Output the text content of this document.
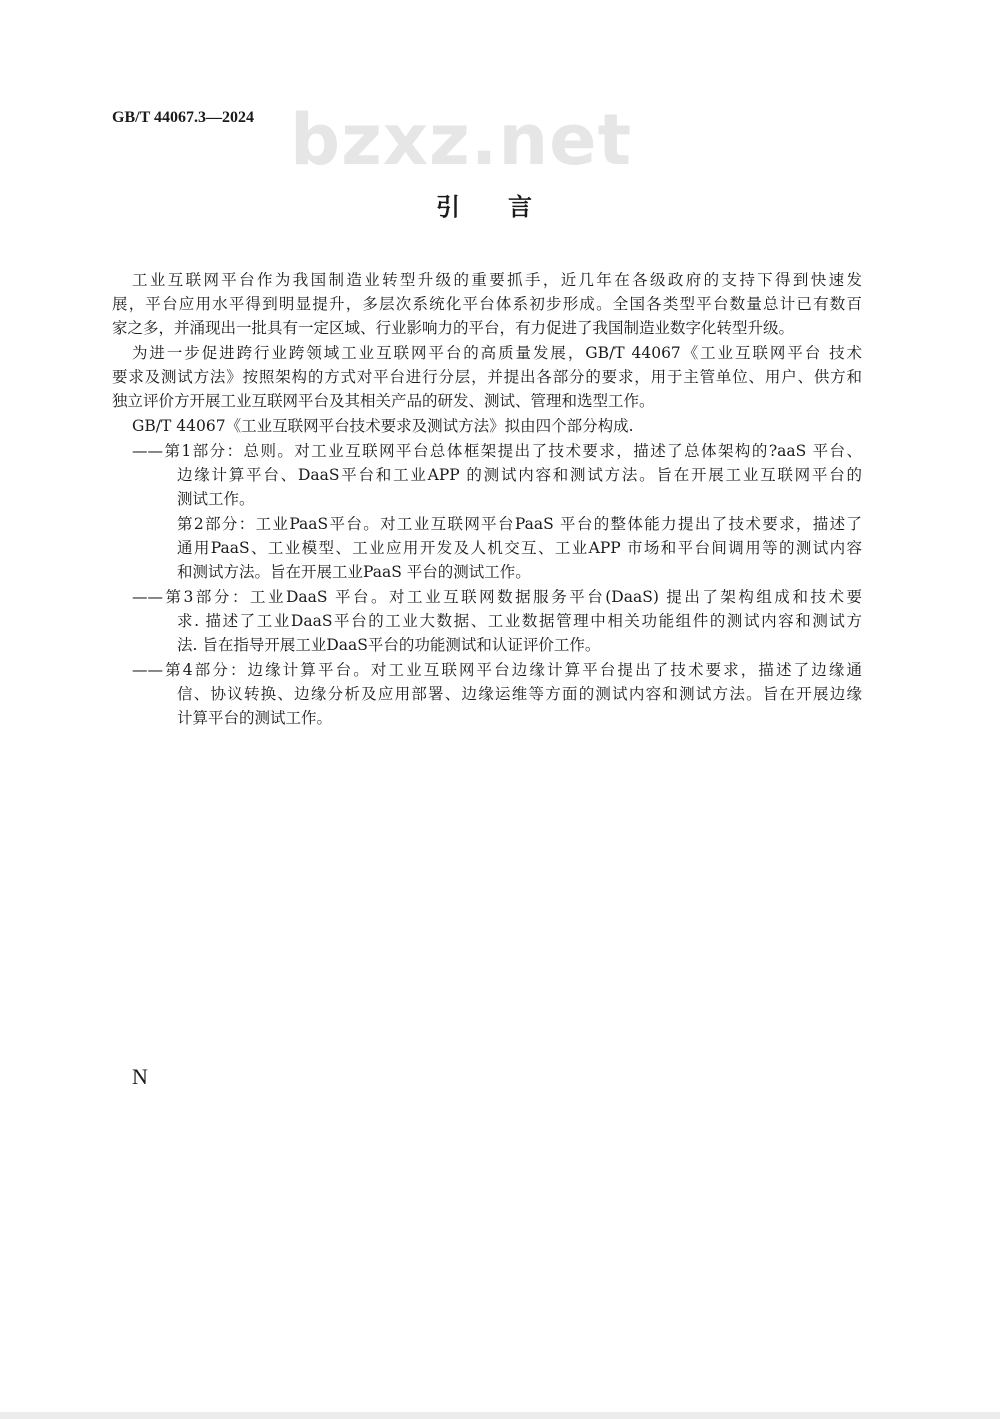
GB/T 44067.3—2024 bzxz.net
引言
工业互联网平台作为我国制造业转型升级的重要抓手，近几年在各级政府的支持下得到快速发
展，平台应用水平得到明显提升，多层次系统化平台体系初步形成。全国各类型平台数量总计已有数百
家之多，并涌现出一批具有一定区域、行业影响力的平台，有力促进了我国制造业数字化转型升级。
为进一步促进跨行业跨领域工业互联网平台的高质量发展，GB/T 44067《工业互联网平台 技术
要求及测试方法》按照架构的方式对平台进行分层，并提出各部分的要求，用于主管单位、用户、供方和
独立评价方开展工业互联网平台及其相关产品的研发、测试、管理和选型工作。
GB/T 44067《工业互联网平台技术要求及测试方法》拟由四个部分构成.
——第1部分：总则。对工业互联网平台总体框架提出了技术要求，描述了总体架构的?aaS 平台、
边缘计算平台、DaaS平台和工业APP 的测试内容和测试方法。旨在开展工业互联网平台的
测试工作。
第2部分：工业PaaS平台。对工业互联网平台PaaS 平台的整体能力提出了技术要求，描述了
通用PaaS、工业模型、工业应用开发及人机交互、工业APP 市场和平台间调用等的测试内容
和测试方法。旨在开展工业PaaS 平台的测试工作。
——第3部分：工业DaaS 平台。对工业互联网数据服务平台(DaaS) 提出了架构组成和技术要
求. 描述了工业DaaS平台的工业大数据、工业数据管理中相关功能组件的测试内容和测试方
法. 旨在指导开展工业DaaS平台的功能测试和认证评价工作。
——第4部分：边缘计算平台。对工业互联网平台边缘计算平台提出了技术要求，描述了边缘通
信、协议转换、边缘分析及应用部署、边缘运维等方面的测试内容和测试方法。旨在开展边缘
计算平台的测试工作。
N
